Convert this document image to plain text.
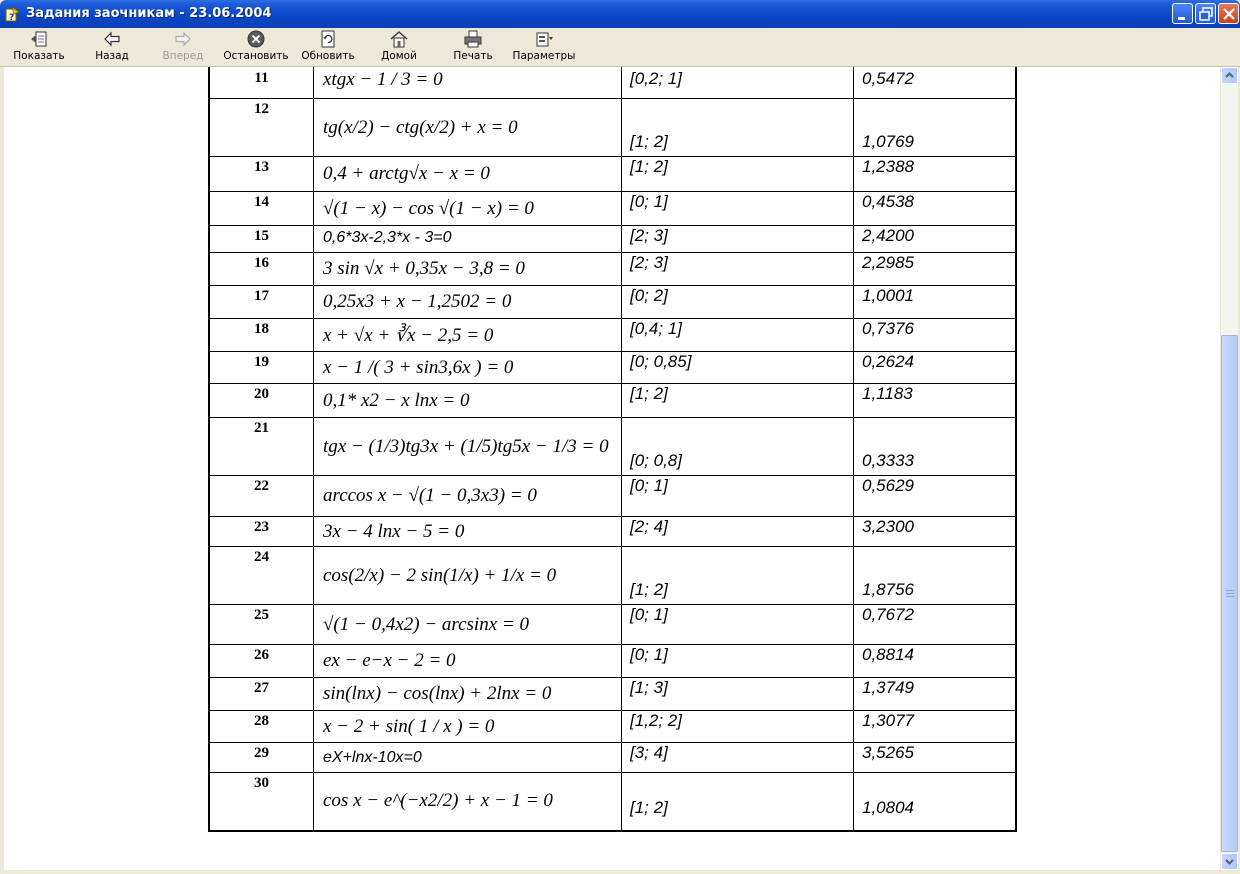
? Задания заочникам - 23.06.2004
Показать	Назад	Вперед Остановить Обновить	Домой	Печать	Параметры
11	xtgx − 1 / 3 = 0	[0,2; 1]	0,5472
12	tg(x/2) − ctg(x/2) + x = 0	[1; 2]	1,0769
13	0,4 + arctg√x − x = 0	[1; 2]	1,2388
14	√(1 − x) − cos √(1 − x) = 0	[0; 1]	0,4538
15	0,6*3x-2,3*x - 3=0	[2; 3]	2,4200
16	3 sin √x + 0,35x − 3,8 = 0	[2; 3]	2,2985
17	0,25x3 + x − 1,2502 = 0	[0; 2]	1,0001
18	x + √x + ∛x − 2,5 = 0	[0,4; 1]	0,7376
19	x − 1 /( 3 + sin3,6x ) = 0	[0; 0,85]	0,2624
20	0,1* x2 − x lnx = 0	[1; 2]	1,1183
21	tgx − (1/3)tg3x + (1/5)tg5x − 1/3 = 0	[0; 0,8]	0,3333
22	arccos x − √(1 − 0,3x3) = 0	[0; 1]	0,5629
23	3x − 4 lnx − 5 = 0	[2; 4]	3,2300
24	cos(2/x) − 2 sin(1/x) + 1/x = 0	[1; 2]	1,8756
25	√(1 − 0,4x2) − arcsinx = 0	[0; 1]	0,7672
26	ex − e−x − 2 = 0	[0; 1]	0,8814
27	sin(lnx) − cos(lnx) + 2lnx = 0	[1; 3]	1,3749
28	x − 2 + sin( 1 / x ) = 0	[1,2; 2]	1,3077
29	eX+lnx-10x=0	[3; 4]	3,5265
30	cos x − e^(−x2/2) + x − 1 = 0	[1; 2]	1,0804
